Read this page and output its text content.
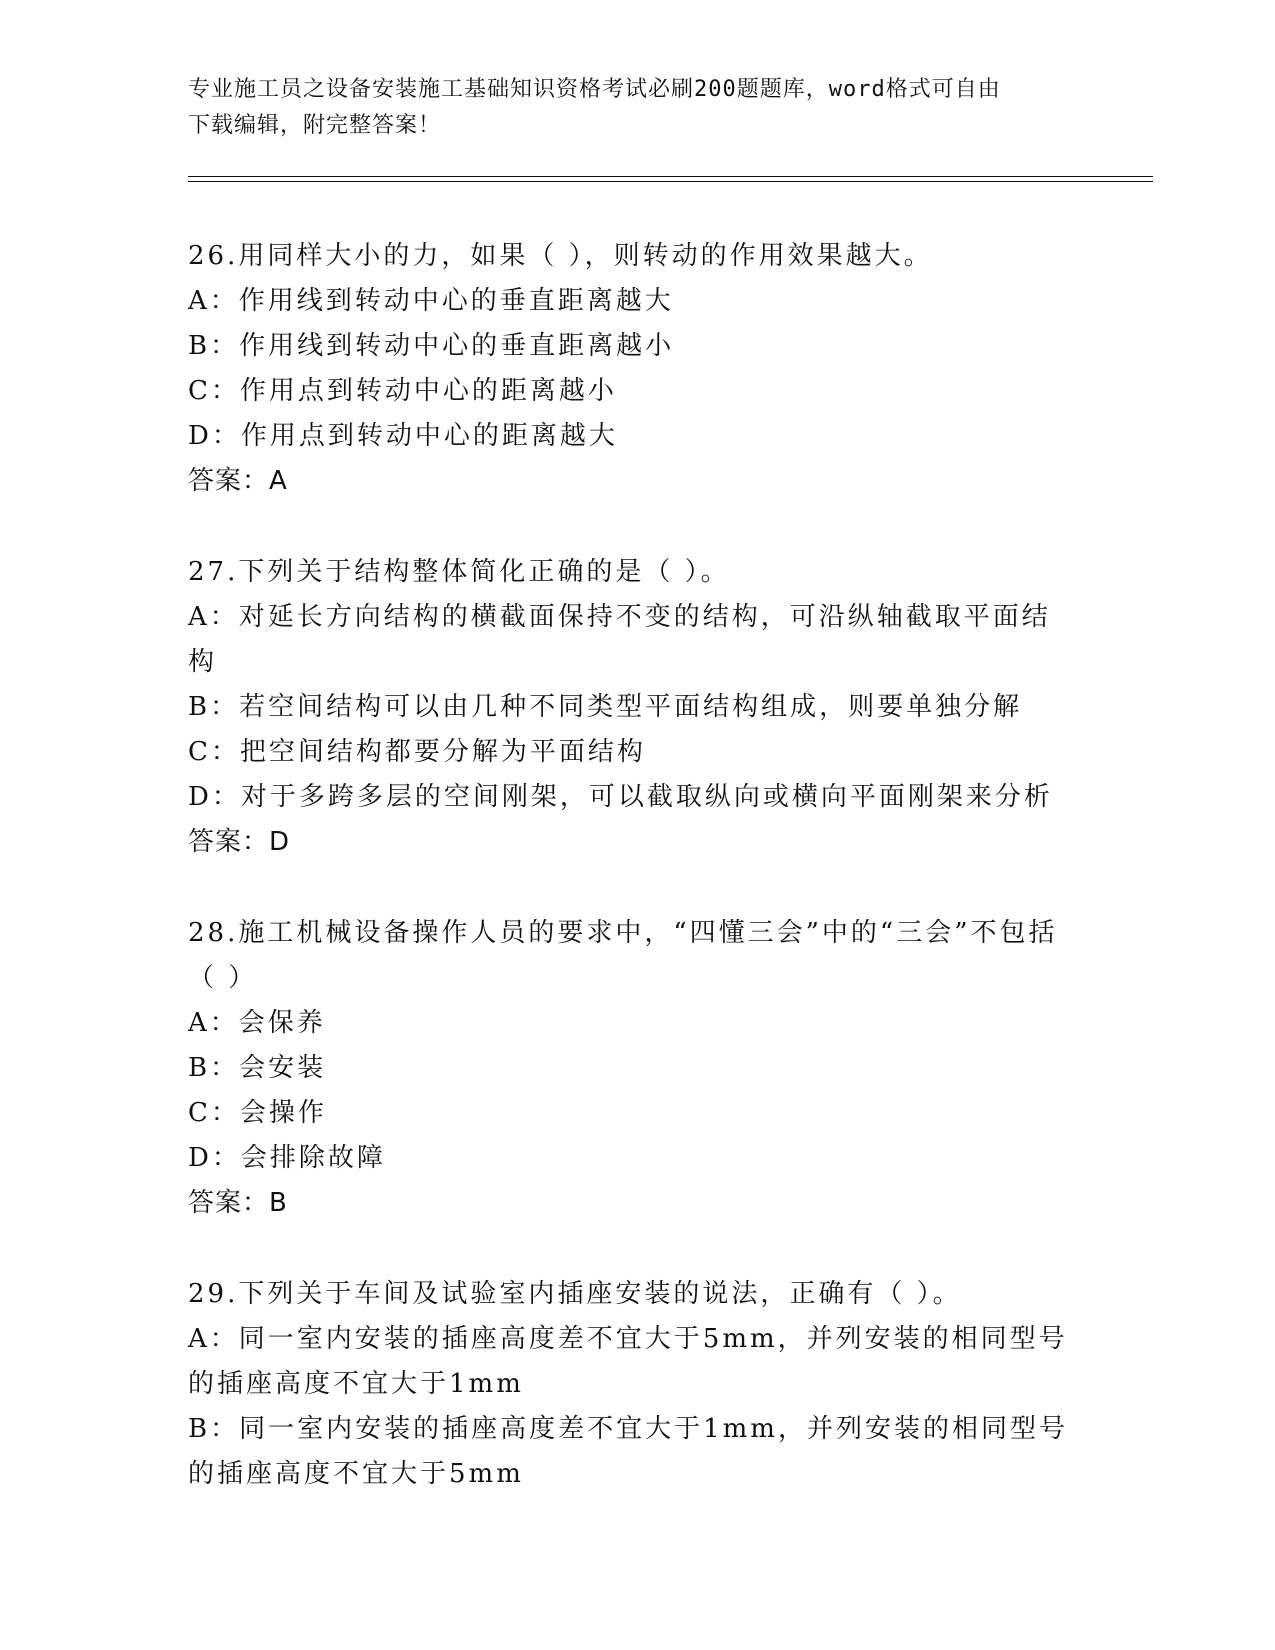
专业施工员之设备安装施工基础知识资格考试必刷200题题库，word格式可自由
下载编辑，附完整答案！
26.用同样大小的力，如果（ ），则转动的作用效果越大。
A：作用线到转动中心的垂直距离越大
B：作用线到转动中心的垂直距离越小
C：作用点到转动中心的距离越小
D：作用点到转动中心的距离越大
答案：A
27.下列关于结构整体简化正确的是（ ）。
A：对延长方向结构的横截面保持不变的结构，可沿纵轴截取平面结构
B：若空间结构可以由几种不同类型平面结构组成，则要单独分解
C：把空间结构都要分解为平面结构
D：对于多跨多层的空间刚架，可以截取纵向或横向平面刚架来分析
答案：D
28.施工机械设备操作人员的要求中，“四懂三会”中的“三会”不包括（ ）
A：会保养
B：会安装
C：会操作
D：会排除故障
答案：B
29.下列关于车间及试验室内插座安装的说法，正确有（ ）。
A：同一室内安装的插座高度差不宜大于5mm，并列安装的相同型号的插座高度不宜大于1mm
B：同一室内安装的插座高度差不宜大于1mm，并列安装的相同型号的插座高度不宜大于5mm
